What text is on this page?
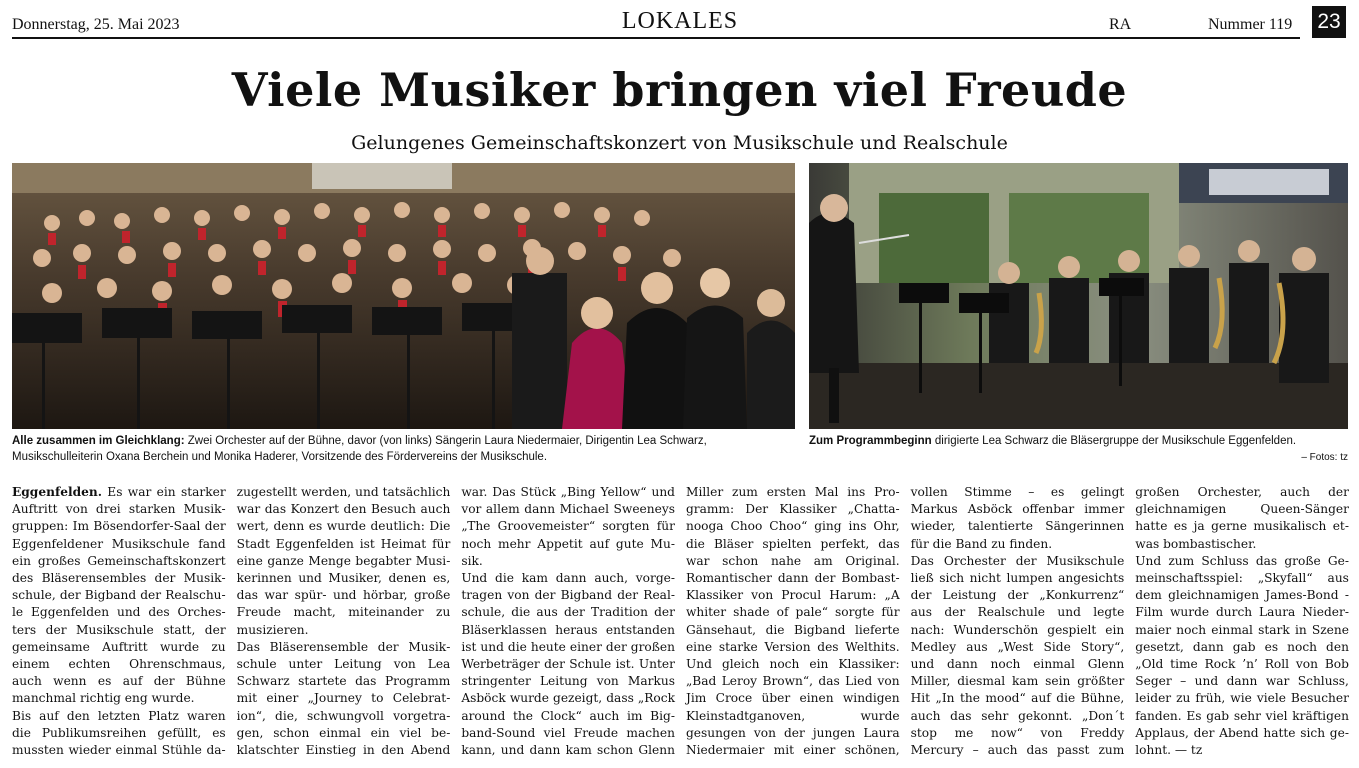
Donnerstag, 25. Mai 2023	LOKALES	RA	Nummer 119 23
Viele Musiker bringen viel Freude
Gelungenes Gemeinschaftskonzert von Musikschule und Realschule
Alle zusammen im Gleichklang: Zwei Orchester auf der Bühne, davor (von links) Sängerin Laura Niedermaier, Dirigentin Lea Schwarz, Musikschulleiterin Oxana Berchein und Monika Haderer, Vorsitzende des Fördervereins der Musikschule.
Zum Programmbeginn dirigierte Lea Schwarz die Bläsergruppe der Musikschule Eggenfelden.
– Fotos: tz

Eggenfelden. Es war ein starker Auftritt von drei starken Musikgruppen: Im Bösendorfer-Saal der Eggenfeldener Musikschule fand ein großes Gemeinschaftskonzert des Bläserensembles der Musikschule, der Bigband der Realschule Eggenfelden und des Orchesters der Musikschule statt, der gemeinsame Auftritt wurde zu einem echten Ohrenschmaus, auch wenn es auf der Bühne manchmal richtig eng wurde.

Bis auf den letzten Platz waren die Publikumsreihen gefüllt, es mussten wieder einmal Stühle dazugestellt werden, und tatsächlich war das Konzert den Besuch auch wert, denn es wurde deutlich: Die Stadt Eggenfelden ist Heimat für eine ganze Menge begabter Musikerinnen und Musiker, denen es, das war spür- und hörbar, große Freude macht, miteinander zu musizieren.

Das Bläserensemble der Musikschule unter Leitung von Lea Schwarz startete das Programm mit einer „Journey to Celebration“, die, schwungvoll vorgetragen, schon einmal ein viel beklatschter Einstieg in den Abend war. Das Stück „Bing Yellow“ und vor allem dann Michael Sweeneys „The Groovemeister“ sorgten für noch mehr Appetit auf gute Musik.

Und die kam dann auch, vorgetragen von der Bigband der Realschule, die aus der Tradition der Bläserklassen heraus entstanden ist und die heute einer der großen Werbeträger der Schule ist. Unter stringenter Leitung von Markus Asböck wurde gezeigt, dass „Rock around the Clock“ auch im Bigband-Sound viel Freude machen kann, und dann kam schon Glenn Miller zum ersten Mal ins Programm: Der Klassiker „Chattanooga Choo Choo“ ging ins Ohr, die Bläser spielten perfekt, das war schon nahe am Original. Romantischer dann der Bombast-Klassiker von Procul Harum: „A whiter shade of pale“ sorgte für Gänsehaut, die Bigband lieferte eine starke Version des Welthits. Und gleich noch ein Klassiker: „Bad Leroy Brown“, das Lied von Jim Croce über einen windigen Kleinstadtganoven, wurde gesungen von der jungen Laura Niedermaier mit einer schönen, vollen Stimme – es gelingt Markus Asböck offenbar immer wieder, talentierte Sängerinnen für die Band zu finden.

Das Orchester der Musikschule ließ sich nicht lumpen angesichts der Leistung der „Konkurrenz“ aus der Realschule und legte nach: Wunderschön gespielt ein Medley aus „West Side Story“, und dann noch einmal Glenn Miller, diesmal kam sein größter Hit „In the mood“ auf die Bühne, auch das sehr gekonnt. „Don´t stop me now“ von Freddy Mercury – auch das passt zum großen Orchester, auch der gleichnamigen Queen-Sänger hatte es ja gerne musikalisch etwas bombastischer.

Und zum Schluss das große Gemeinschaftsspiel: „Skyfall“ aus dem gleichnamigen James-Bond -Film wurde durch Laura Niedermaier noch einmal stark in Szene gesetzt, dann gab es noch den „Old time Rock ’n’ Roll von Bob Seger – und dann war Schluss, leider zu früh, wie viele Besucher fanden. Es gab sehr viel kräftigen Applaus, der Abend hatte sich gelohnt. — tz
